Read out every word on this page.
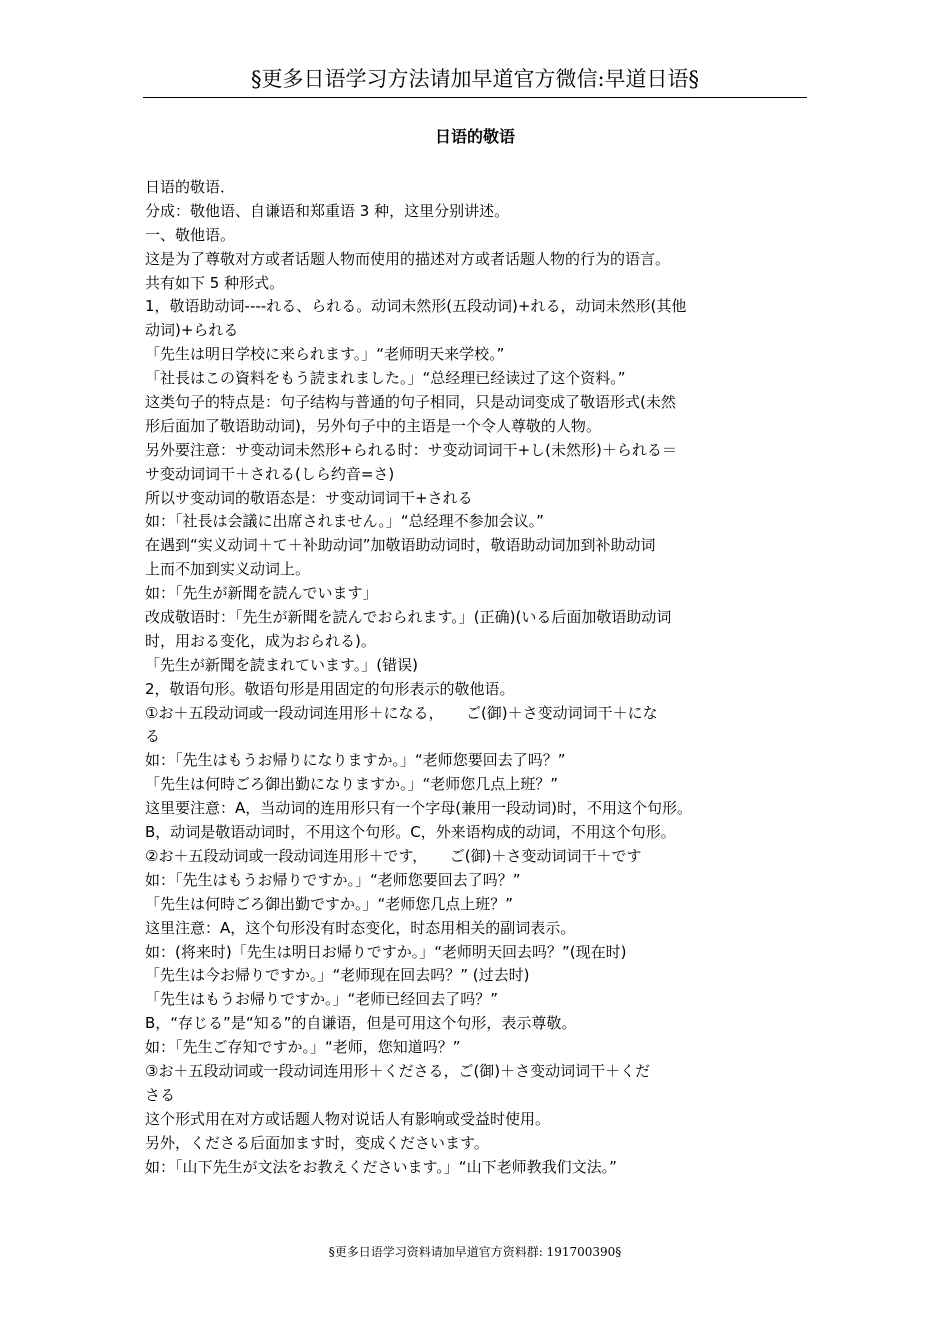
§更多日语学习方法请加早道官方微信:早道日语§
日语的敬语
日语的敬语．
分成：敬他语、自谦语和郑重语 3 种，这里分别讲述。
一、敬他语。
这是为了尊敬对方或者话题人物而使用的描述对方或者话题人物的行为的语言。
共有如下 5 种形式。
1，敬语助动词----れる、られる。动词未然形(五段动词)+れる，动词未然形(其他
动词)+られる
「先生は明日学校に来られます。」“老师明天来学校。”
「社長はこの資料をもう読まれました。」“总经理已经读过了这个资料。”
这类句子的特点是：句子结构与普通的句子相同，只是动词变成了敬语形式(未然
形后面加了敬语助动词)，另外句子中的主语是一个令人尊敬的人物。
另外要注意：サ变动词未然形+られる时：サ变动词词干+し(未然形)＋られる＝
サ变动词词干＋される(しら约音=さ)
所以サ变动词的敬语态是：サ变动词词干+される
如：「社長は会議に出席されません。」“总经理不参加会议。”
在遇到“实义动词＋て＋补助动词”加敬语助动词时，敬语助动词加到补助动词
上而不加到实义动词上。
如：「先生が新聞を読んでいます」
改成敬语时：「先生が新聞を読んでおられます。」(正确)(いる后面加敬语助动词
时，用おる变化，成为おられる)。
「先生が新聞を読まれています。」(错误)
2，敬语句形。敬语句形是用固定的句形表示的敬他语。
①お＋五段动词或一段动词连用形＋になる，　　ご(御)＋さ变动词词干＋にな
る
如：「先生はもうお帰りになりますか。」“老师您要回去了吗？”
「先生は何時ごろ御出勤になりますか。」“老师您几点上班？”
这里要注意：A，当动词的连用形只有一个字母(兼用一段动词)时，不用这个句形。
B，动词是敬语动词时，不用这个句形。C，外来语构成的动词，不用这个句形。
②お＋五段动词或一段动词连用形＋です，　　ご(御)＋さ变动词词干＋です
如：「先生はもうお帰りですか。」“老师您要回去了吗？”
「先生は何時ごろ御出勤ですか。」“老师您几点上班？”
这里注意：A，这个句形没有时态变化，时态用相关的副词表示。
如：(将来时)「先生は明日お帰りですか。」“老师明天回去吗？”(现在时)
「先生は今お帰りですか。」“老师现在回去吗？” (过去时)
「先生はもうお帰りですか。」“老师已经回去了吗？”
B，“存じる”是“知る”的自谦语，但是可用这个句形，表示尊敬。
如：「先生ご存知ですか。」“老师，您知道吗？”
③お＋五段动词或一段动词连用形＋くださる，ご(御)＋さ变动词词干＋くだ
さる
这个形式用在对方或话题人物对说话人有影响或受益时使用。
另外，くださる后面加ます时，变成くださいます。
如：「山下先生が文法をお教えくださいます。」“山下老师教我们文法。”
§更多日语学习资料请加早道官方资料群: 191700390§
